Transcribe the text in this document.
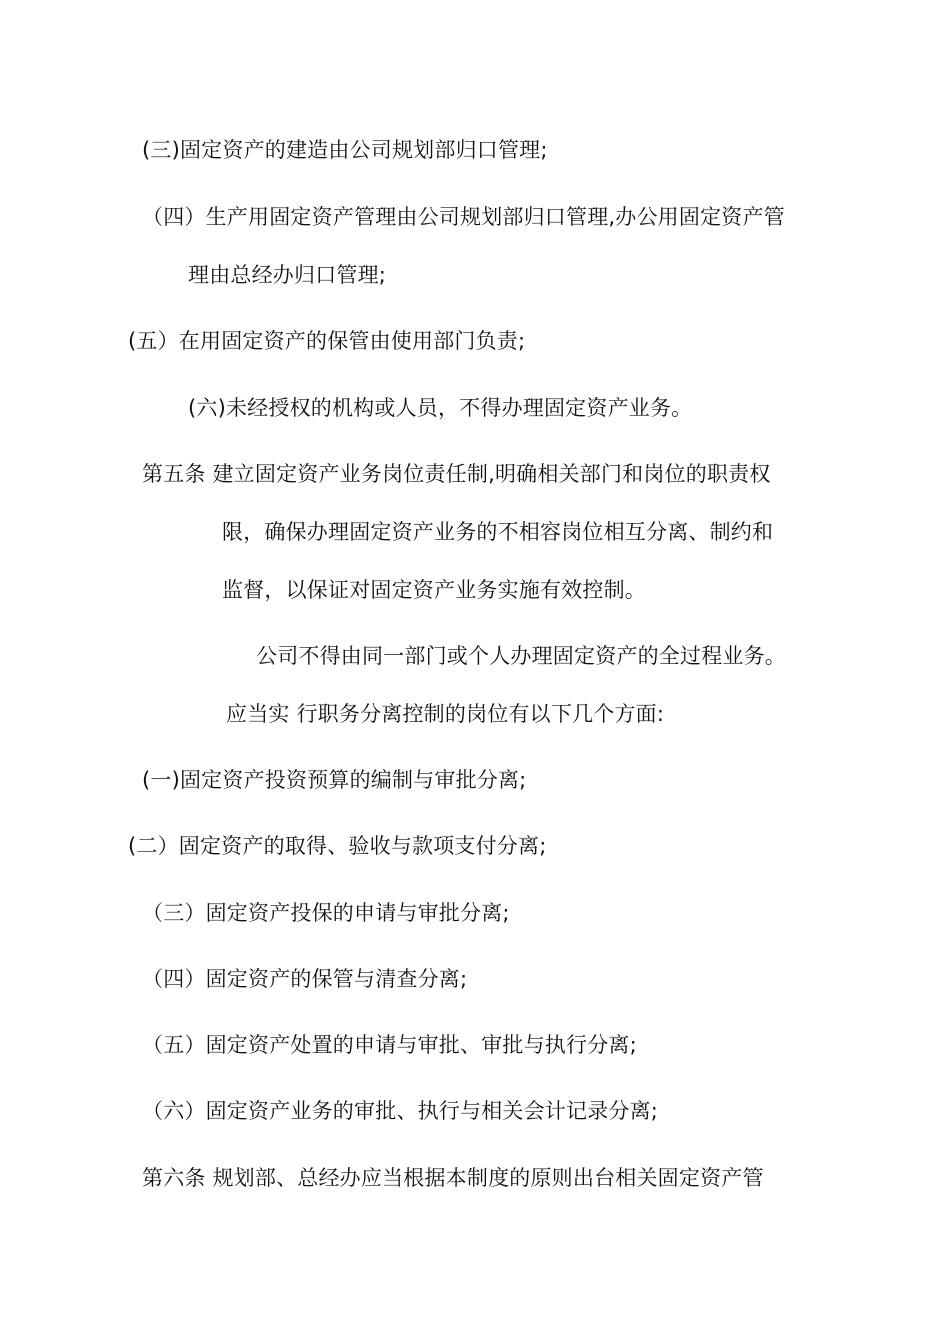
(三)固定资产的建造由公司规划部归口管理;
（四）生产用固定资产管理由公司规划部归口管理,办公用固定资产管
理由总经办归口管理;
(五）在用固定资产的保管由使用部门负责;
(六)未经授权的机构或人员，不得办理固定资产业务。
第五条 建立固定资产业务岗位责任制,明确相关部门和岗位的职责权
限，确保办理固定资产业务的不相容岗位相互分离、制约和
监督，以保证对固定资产业务实施有效控制。
公司不得由同一部门或个人办理固定资产的全过程业务。
应当实 行职务分离控制的岗位有以下几个方面:
(一)固定资产投资预算的编制与审批分离;
(二）固定资产的取得、验收与款项支付分离;
（三）固定资产投保的申请与审批分离;
（四）固定资产的保管与清查分离;
（五）固定资产处置的申请与审批、审批与执行分离;
（六）固定资产业务的审批、执行与相关会计记录分离;
第六条 规划部、总经办应当根据本制度的原则出台相关固定资产管
